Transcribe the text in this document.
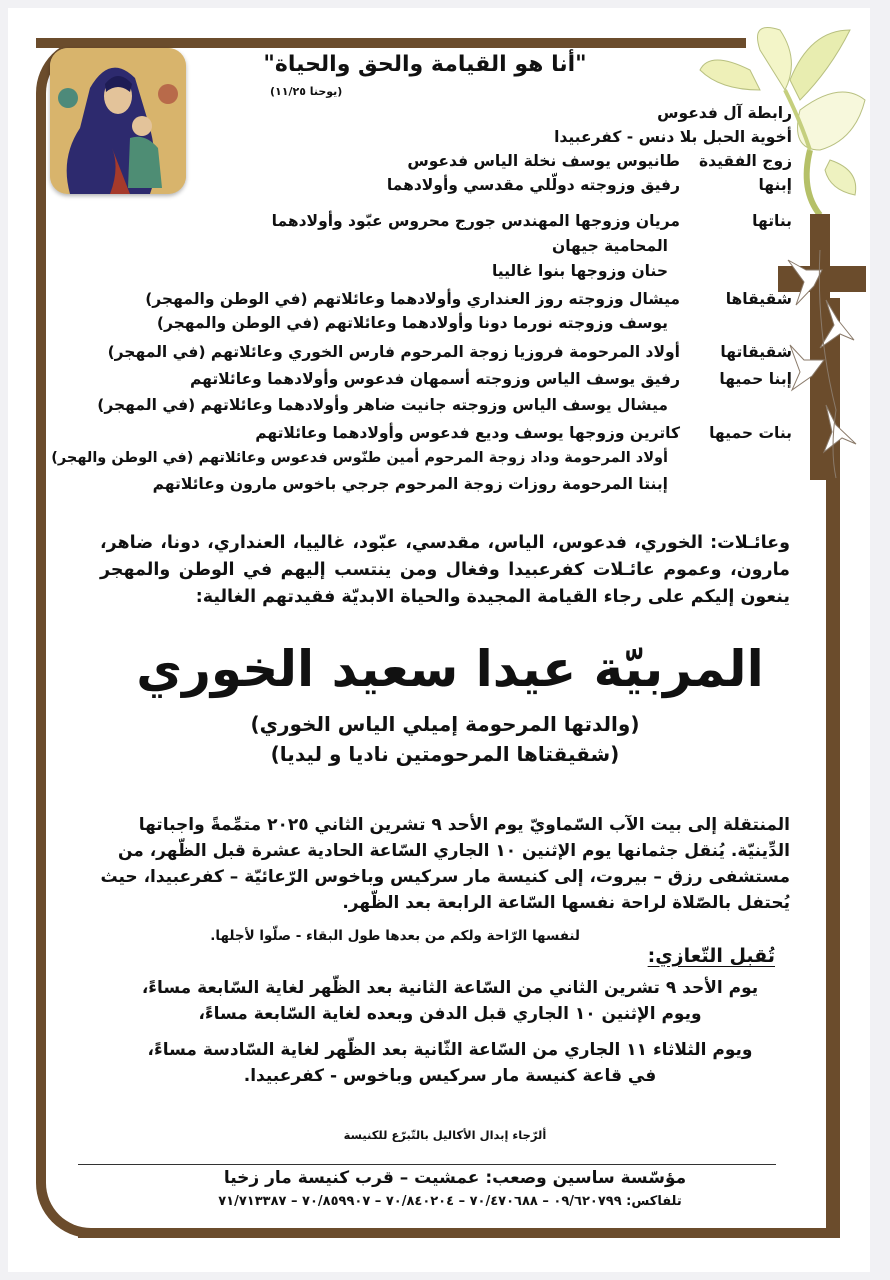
"أنا هو القيامة والحق والحياة"
(يوحنا ١١/٢٥)
رابطة آل فدعوس
أخوية الحبل بلا دنس - كفرعبيدا
زوج الفقيدة
طانيوس يوسف نخلة الياس فدعوس
إبنها
رفيق وزوجته دولّلي مقدسي وأولادهما
بناتها
مريان وزوجها المهندس جورج محروس عبّود وأولادهما
المحامية جيهان
حنان وزوجها بنوا غالييا
شقيقاها
ميشال وزوجته روز العنداري وأولادهما وعائلاتهم (في الوطن والمهجر)
يوسف وزوجته نورما دونا وأولادهما وعائلاتهم (في الوطن والمهجر)
شقيقاتها
أولاد المرحومة فروزيا زوجة المرحوم فارس الخوري وعائلاتهم (في المهجر)
إبنا حميها
رفيق يوسف الياس وزوجته أسمهان فدعوس وأولادهما وعائلاتهم
ميشال يوسف الياس وزوجته جانيت ضاهر وأولادهما وعائلاتهم (في المهجر)
بنات حميها
كاترين وزوجها يوسف وديع فدعوس وأولادهما وعائلاتهم
أولاد المرحومة وداد زوجة المرحوم أمين طنّوس فدعوس وعائلاتهم (في الوطن والهجر)
إبنتا المرحومة روزات زوجة المرحوم جرجي باخوس مارون وعائلاتهم
وعائـلات: الخوري، فدعوس، الياس، مقدسي، عبّود، غالييا، العنداري، دونا، ضاهر، مارون، وعموم عائـلات كفرعبيدا وفغال ومن ينتسب إليهم في الوطن والمهجر ينعون إليكم على رجاء القيامة المجيدة والحياة الابديّة فقيدتهم الغالية:
المربيّة عيدا سعيد الخوري
(والدتها المرحومة إميلي الياس الخوري)
(شقيقتاها المرحومتين ناديا و ليديا)
المنتقلة إلى بيت الآب السّماويّ يوم الأحد ٩ تشرين الثاني ٢٠٢٥ متمِّمةً واجباتها الدِّينيّة. يُنقل جثمانها يوم الإثنين ١٠ الجاري السّاعة الحادية عشرة قبل الظّهر، من مستشفى رزق – بيروت، إلى كنيسة مار سركيس وباخوس الرّعائيّة – كفرعبيدا، حيث يُحتفل بالصّلاة لراحة نفسها السّاعة الرابعة بعد الظّهر.
لنفسها الرّاحة ولكم من بعدها طول البقاء - صلّوا لأجلها.
تُقبل التّعازي:
يوم الأحد ٩ تشرين الثاني من السّاعة الثانية بعد الظّهر لغاية السّابعة مساءً،
ويوم الإثنين ١٠ الجاري قبل الدفن وبعده لغاية السّابعة مساءً،
ويوم الثلاثاء ١١ الجاري من السّاعة الثّانية بعد الظّهر لغاية السّادسة مساءً،
في قاعة كنيسة مار سركيس وباخوس - كفرعبيدا.
ألرّجاء إبدال الأكاليل بالتّبرّع للكنيسة
مؤسّسة ساسين وصعب: عمشيت – قرب كنيسة مار زخيا
تلفاكس: ٠٩/٦٢٠٧٩٩ – ٧٠/٤٧٠٦٨٨ – ٧٠/٨٤٠٢٠٤ – ٧٠/٨٥٩٩٠٧ – ٧١/٧١٣٣٨٧
